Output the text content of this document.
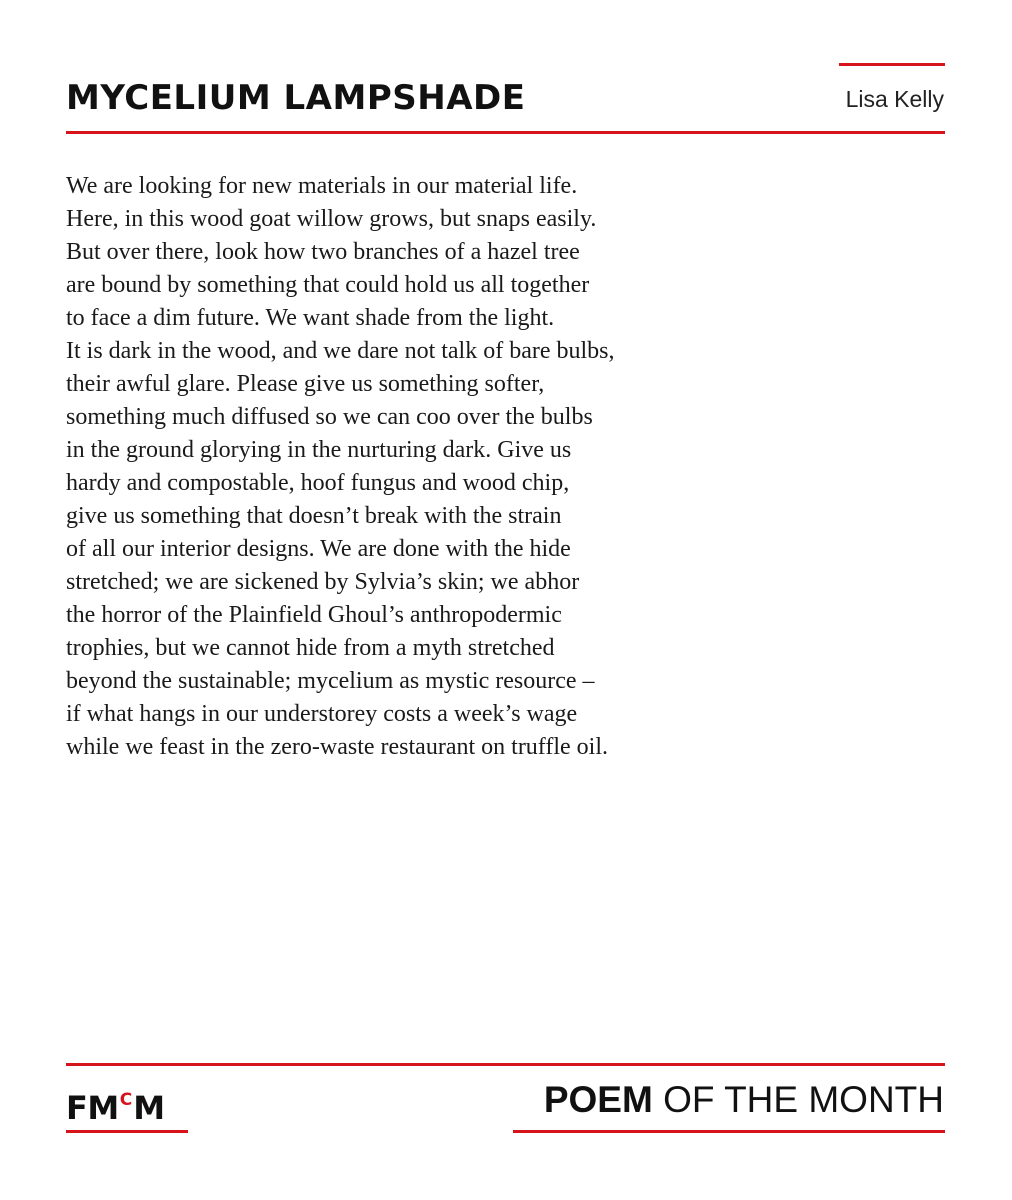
MYCELIUM LAMPSHADE	Lisa Kelly
We are looking for new materials in our material life.
Here, in this wood goat willow grows, but snaps easily.
But over there, look how two branches of a hazel tree
are bound by something that could hold us all together
to face a dim future. We want shade from the light.
It is dark in the wood, and we dare not talk of bare bulbs,
their awful glare. Please give us something softer,
something much diffused so we can coo over the bulbs
in the ground glorying in the nurturing dark. Give us
hardy and compostable, hoof fungus and wood chip,
give us something that doesn’t break with the strain
of all our interior designs. We are done with the hide
stretched; we are sickened by Sylvia’s skin; we abhor
the horror of the Plainfield Ghoul’s anthropodermic
trophies, but we cannot hide from a myth stretched
beyond the sustainable; mycelium as mystic resource –
if what hangs in our understorey costs a week’s wage
while we feast in the zero-waste restaurant on truffle oil.
$FM^CM$	POEM OF THE MONTH
